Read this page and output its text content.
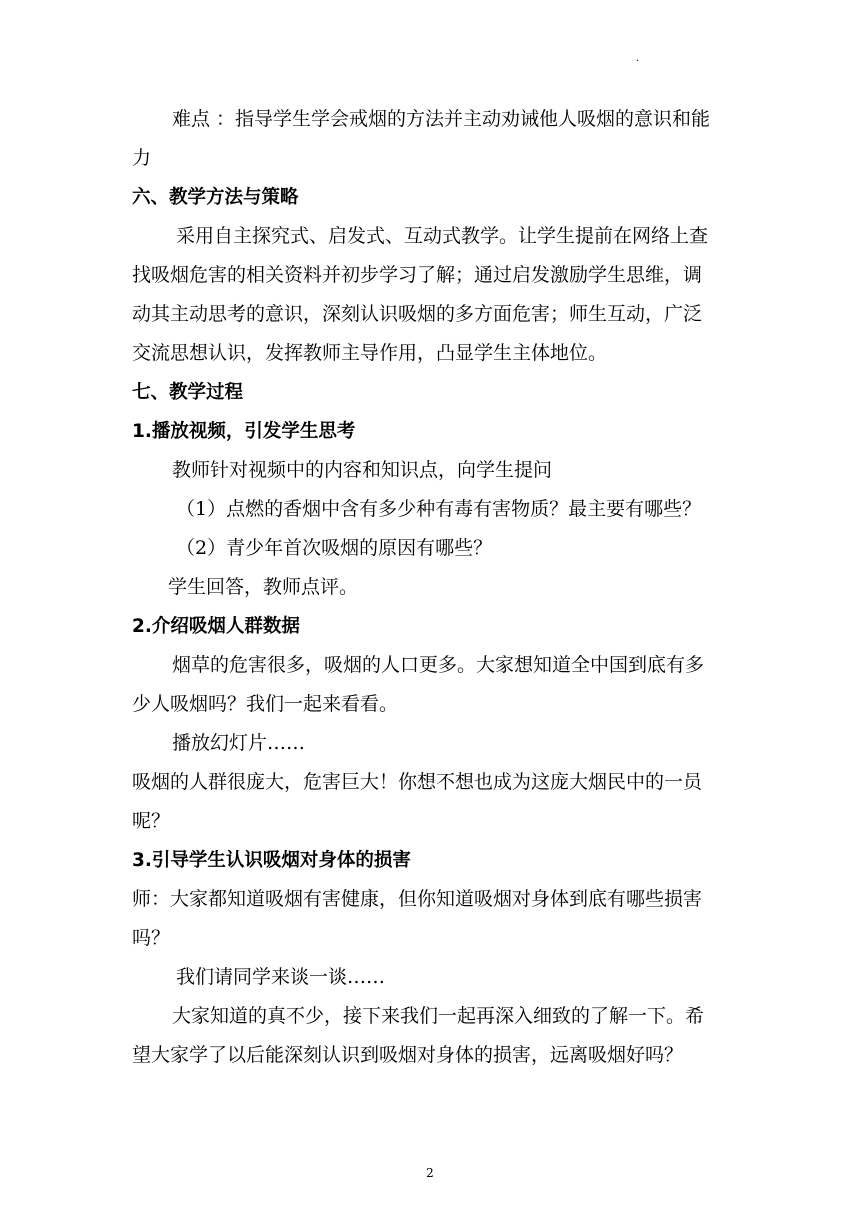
.

难点 ：指导学生学会戒烟的方法并主动劝诫他人吸烟的意识和能

力

六、教学方法与策略

采用自主探究式、启发式、互动式教学。让学生提前在网络上查

找吸烟危害的相关资料并初步学习了解；通过启发激励学生思维，调

动其主动思考的意识，深刻认识吸烟的多方面危害；师生互动，广泛

交流思想认识，发挥教师主导作用，凸显学生主体地位。

七、教学过程

1.播放视频，引发学生思考

教师针对视频中的内容和知识点，向学生提问

（1）点燃的香烟中含有多少种有毒有害物质？最主要有哪些？

（2）青少年首次吸烟的原因有哪些？

学生回答，教师点评。

2.介绍吸烟人群数据

烟草的危害很多，吸烟的人口更多。大家想知道全中国到底有多

少人吸烟吗？我们一起来看看。

播放幻灯片……

吸烟的人群很庞大，危害巨大！你想不想也成为这庞大烟民中的一员

呢？

3.引导学生认识吸烟对身体的损害

师：大家都知道吸烟有害健康，但你知道吸烟对身体到底有哪些损害

吗？

我们请同学来谈一谈……

大家知道的真不少，接下来我们一起再深入细致的了解一下。希

望大家学了以后能深刻认识到吸烟对身体的损害，远离吸烟好吗？

2
